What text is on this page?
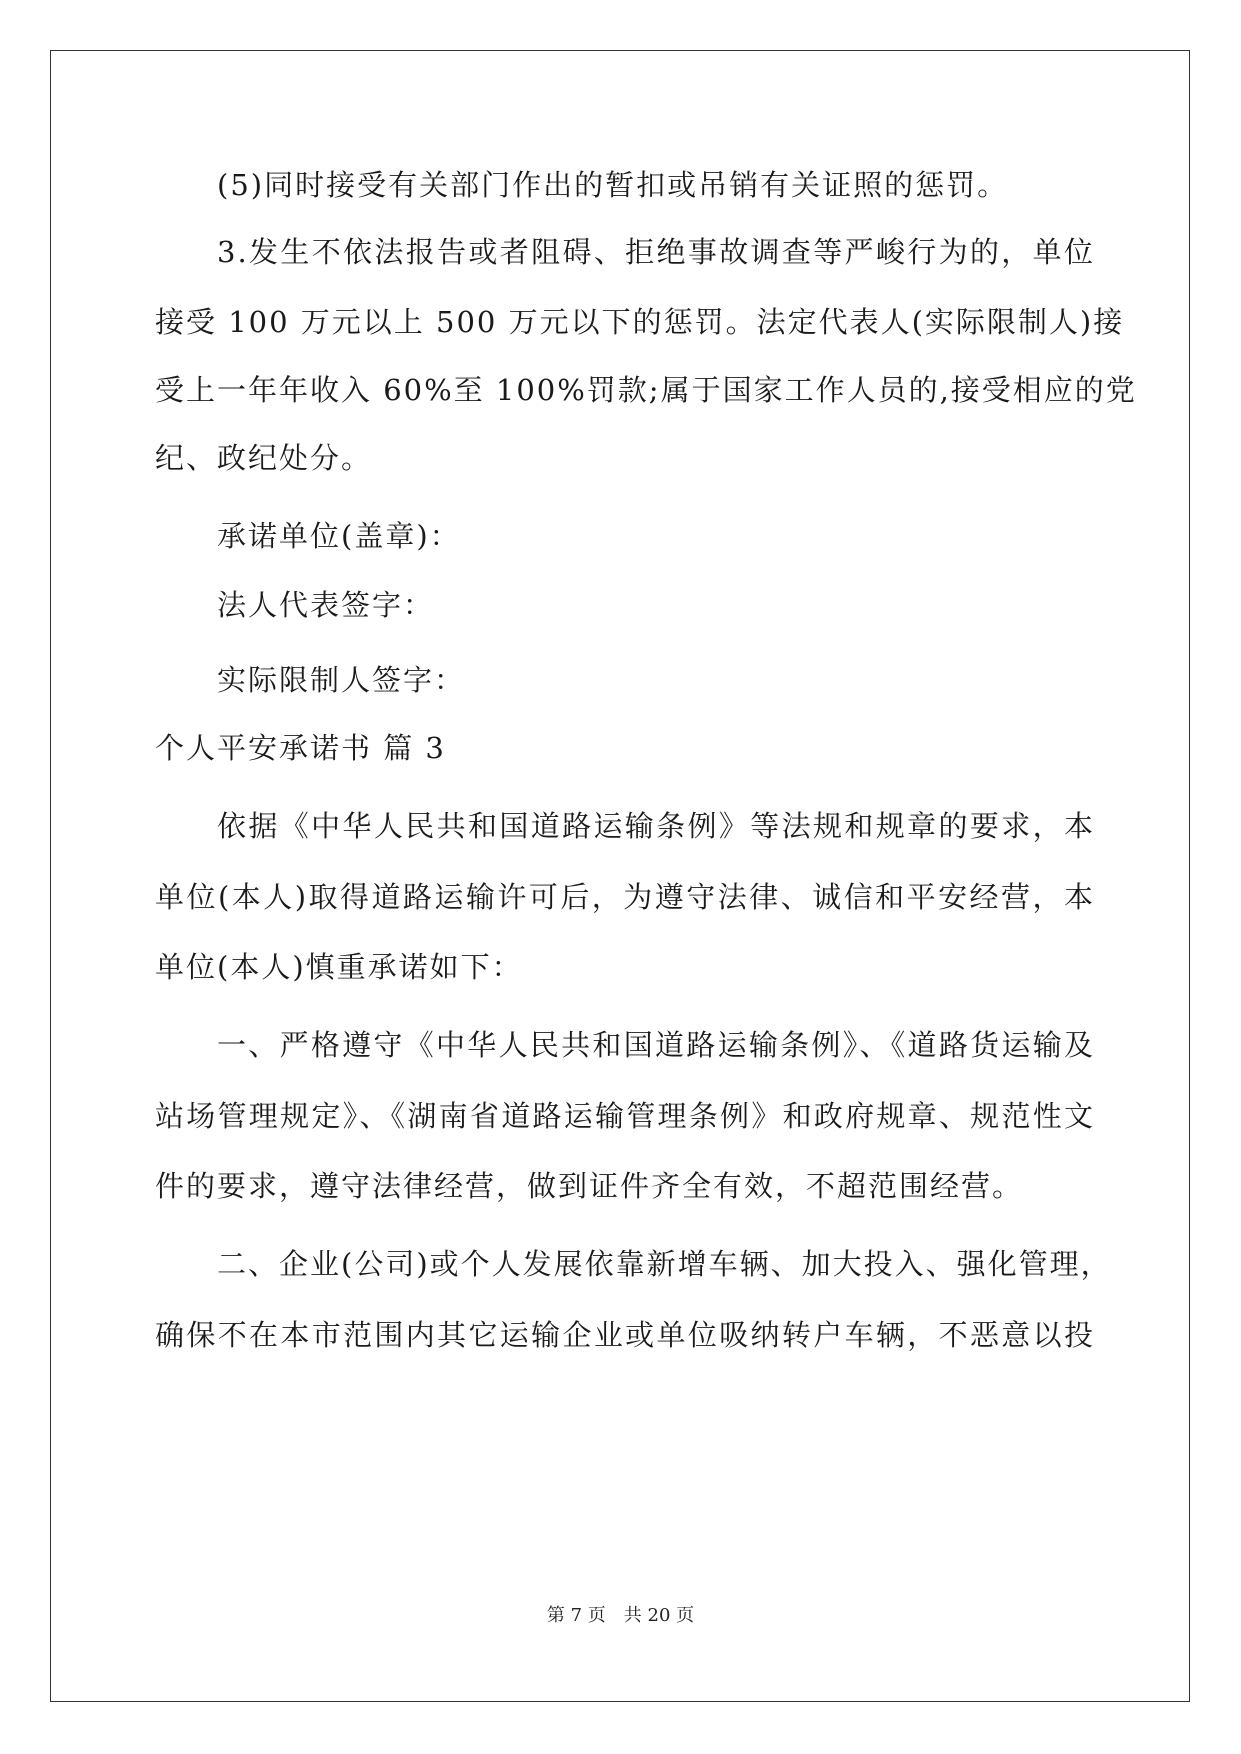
(5)同时接受有关部门作出的暂扣或吊销有关证照的惩罚。
3.发生不依法报告或者阻碍、拒绝事故调查等严峻行为的，单位
接受 100 万元以上 500 万元以下的惩罚。法定代表人(实际限制人)接
受上一年年收入 60%至 100%罚款;属于国家工作人员的,接受相应的党
纪、政纪处分。
承诺单位(盖章)：
法人代表签字：
实际限制人签字：
个人平安承诺书 篇 3
依据《中华人民共和国道路运输条例》等法规和规章的要求，本
单位(本人)取得道路运输许可后，为遵守法律、诚信和平安经营，本
单位(本人)慎重承诺如下：
一、严格遵守《中华人民共和国道路运输条例》、《道路货运输及
站场管理规定》、《湖南省道路运输管理条例》和政府规章、规范性文
件的要求，遵守法律经营，做到证件齐全有效，不超范围经营。
二、企业(公司)或个人发展依靠新增车辆、加大投入、强化管理，
确保不在本市范围内其它运输企业或单位吸纳转户车辆，不恶意以投
第 7 页 共 20 页
